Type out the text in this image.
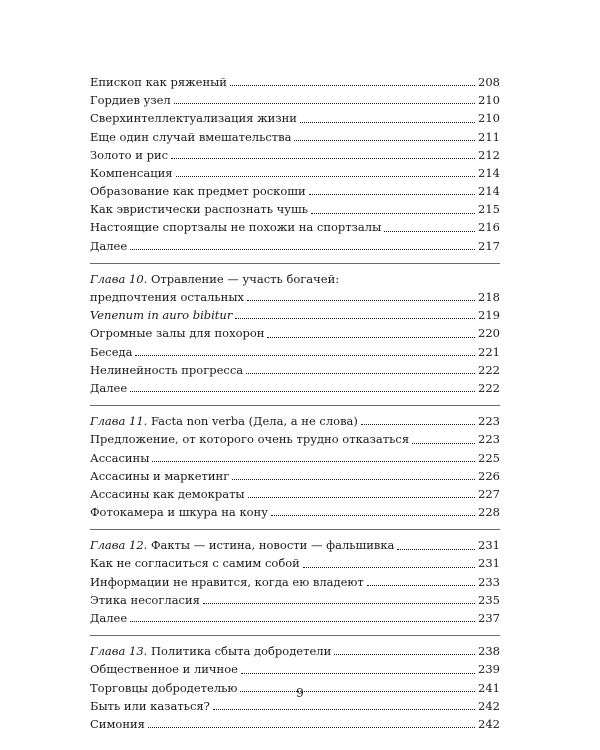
Епископ как ряженый	208
Гордиев узел	210
Сверхинтеллектуализация жизни	210
Еще один случай вмешательства	211
Золото и рис	212
Компенсация	214
Образование как предмет роскоши	214
Как эвристически распознать чушь	215
Настоящие спортзалы не похожи на спортзалы	216
Далее	217
Глава 10. Отравление — участь богачей:
предпочтения остальных	218
Venenum in auro bibitur	219
Огромные залы для похорон	220
Беседа	221
Нелинейность прогресса	222
Далее	222
Глава 11. Facta non verba (Дела, а не слова)	223
Предложение, от которого очень трудно отказаться	223
Ассасины	225
Ассасины и маркетинг	226
Ассасины как демократы	227
Фотокамера и шкура на кону	228
Глава 12. Факты — истина, новости — фальшивка	231
Как не согласиться с самим собой	231
Информации не нравится, когда ею владеют	233
Этика несогласия	235
Далее	237
Глава 13. Политика сбыта добродетели	238
Общественное и личное	239
Торговцы добродетелью	241
Быть или казаться?	242
Симония	242
9
